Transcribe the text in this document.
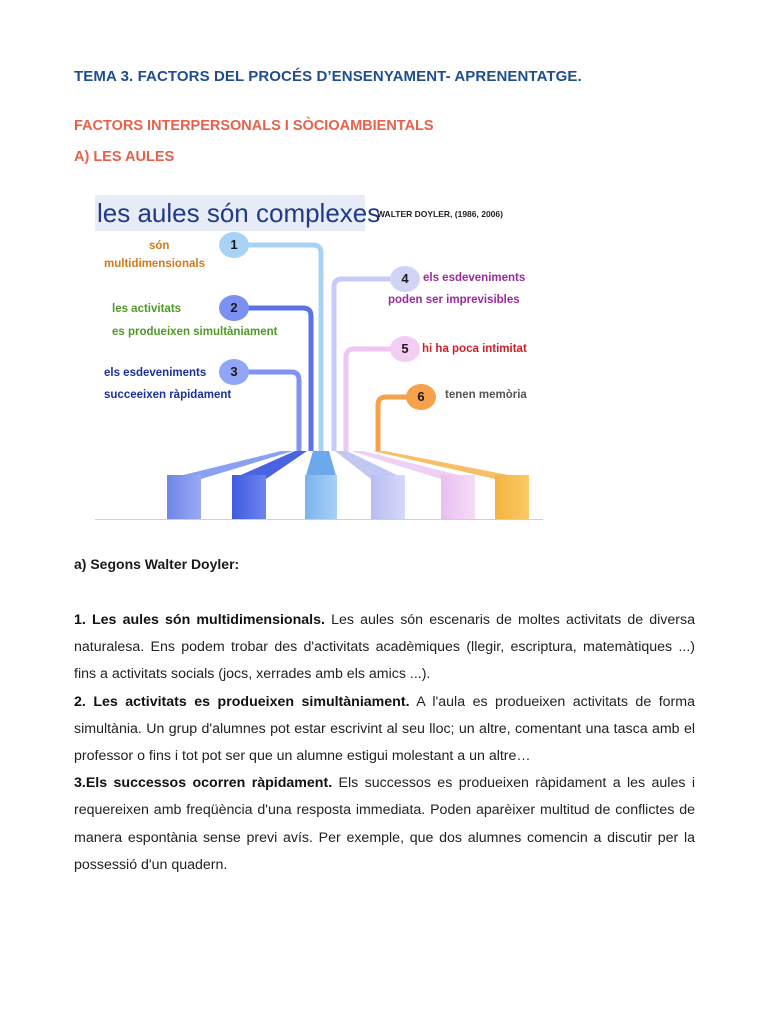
TEMA 3. FACTORS DEL PROCÉS D’ENSENYAMENT- APRENENTATGE.
FACTORS INTERPERSONALS I SÒCIOAMBIENTALS
A) LES AULES
les aules són complexes
WALTER DOYLER, (1986, 2006)
1
2
3
4
5
6
són
multidimensionals
les activitats
es produeixen simultàniament
els esdeveniments
succeeixen ràpidament
els esdeveniments
poden ser imprevisibles
hi ha poca intimitat
tenen memòria
a) Segons Walter Doyler:

1. Les aules són multidimensionals. Les aules són escenaris de moltes activitats de diversa naturalesa. Ens podem trobar des d'activitats acadèmiques (llegir, escriptura, matemàtiques ...) fins a activitats socials (jocs, xerrades amb els amics ...).

2. Les activitats es produeixen simultàniament. A l'aula es produeixen activitats de forma simultània. Un grup d'alumnes pot estar escrivint al seu lloc; un altre, comentant una tasca amb el professor o fins i tot pot ser que un alumne estigui molestant a un altre…

3.Els successos ocorren ràpidament. Els successos es produeixen ràpidament a les aules i requereixen amb freqüència d'una resposta immediata. Poden aparèixer multitud de conflictes de manera espontània sense previ avís. Per exemple, que dos alumnes comencin a discutir per la possessió d'un quadern.
